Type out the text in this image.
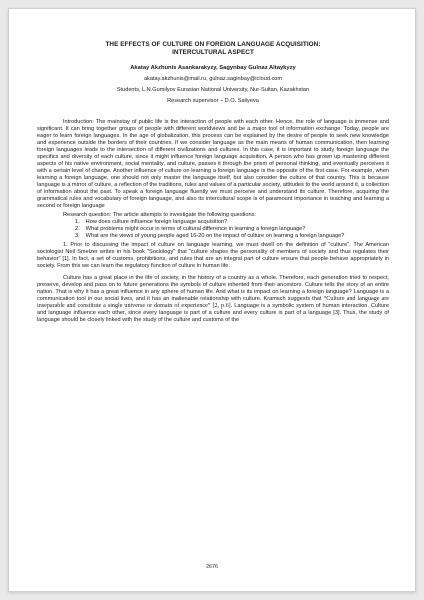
THE EFFECTS OF CULTURE ON FOREIGN LANGUAGE ACQUISITION:
INTERCULTURAL ASPECT
Akatay Akzhunis Asankarakyzy, Sagynbay Gulnaz Altaykyzy
akatay.akzhunis@mail.ru, gulnaz.saginbay@icloud.com
Students, L.N.Gumilyov Eurasian National University, Nur-Sultan, Kazakhstan
Research supervisor – D.O. Saliyeva

Introduction: The mainstay of public life is the interaction of people with each other. Hence, the role of language is immense and significant. It can bring together groups of people with different worldviews and be a major tool of information exchange. Today, people are eager to learn foreign languages. In the age of globalization, this process can be explained by the desire of people to seek new knowledge and experience outside the borders of their countries. If we consider language as the main means of human communication, then learning foreign languages leads to the intersection of different civilizations and cultures. In this case, it is important to study foreign language the specifics and diversity of each culture, since it might influence foreign language acquisition. A person who has grown up mastering different aspects of his native environment, social mentality, and culture, passes it through the prism of personal thinking, and eventually perceives it with a certain level of change. Another influence of culture on learning a foreign language is the opposite of the first case. For example, when learning a foreign language, one should not only master the language itself, but also consider the culture of that country. This is because language is a mirror of culture, a reflection of the traditions, rules and values of a particular society, attitudes to the world around it, a collection of information about the past. To speak a foreign language fluently we must perceive and understand its culture. Therefore, acquiring the grammatical rules and vocabulary of foreign language, and also its intercultural scope is of paramount importance in teaching and learning a second or foreign language

Research question: The article attempts to investigate the following questions:

1. How does culture influence foreign language acquisition?
2. What problems might occur in terms of cultural difference in learning a foreign language?
3. What are the views of young people aged 16-20 on the impact of culture on learning a foreign language?

1. Prior to discussing the impact of culture on language learning, we must dwell on the definition of "culture". The American sociologist Neil Smelzer writes in his book "Sociology" that "culture shapes the personality of members of society and thus regulates their behavior" [1]. In fact, a set of customs, prohibitions, and rules that are an integral part of culture ensure that people behave appropriately in society. From this we can learn the regulatory function of culture in human life.

Culture has a great place in the life of society, in the history of a country as a whole. Therefore, each generation tried to respect, preserve, develop and pass on to future generations the symbols of culture inherited from their ancestors. Culture tells the story of an entire nation. That is why it has a great influence in any sphere of human life. And what is its impact on learning a foreign language? Language is a communication tool in our social lives, and it has an inalienable relationship with culture. Kramsch suggests that “Culture and language are inseparable and constitute a single universe or domain of experience” [2, p.6]. Language is a symbolic system of human interaction. Culture and language influence each other, since every language is part of a culture and every culture is part of a language [3]. Thus, the study of language should be closely linked with the study of the culture and customs of the

2676
